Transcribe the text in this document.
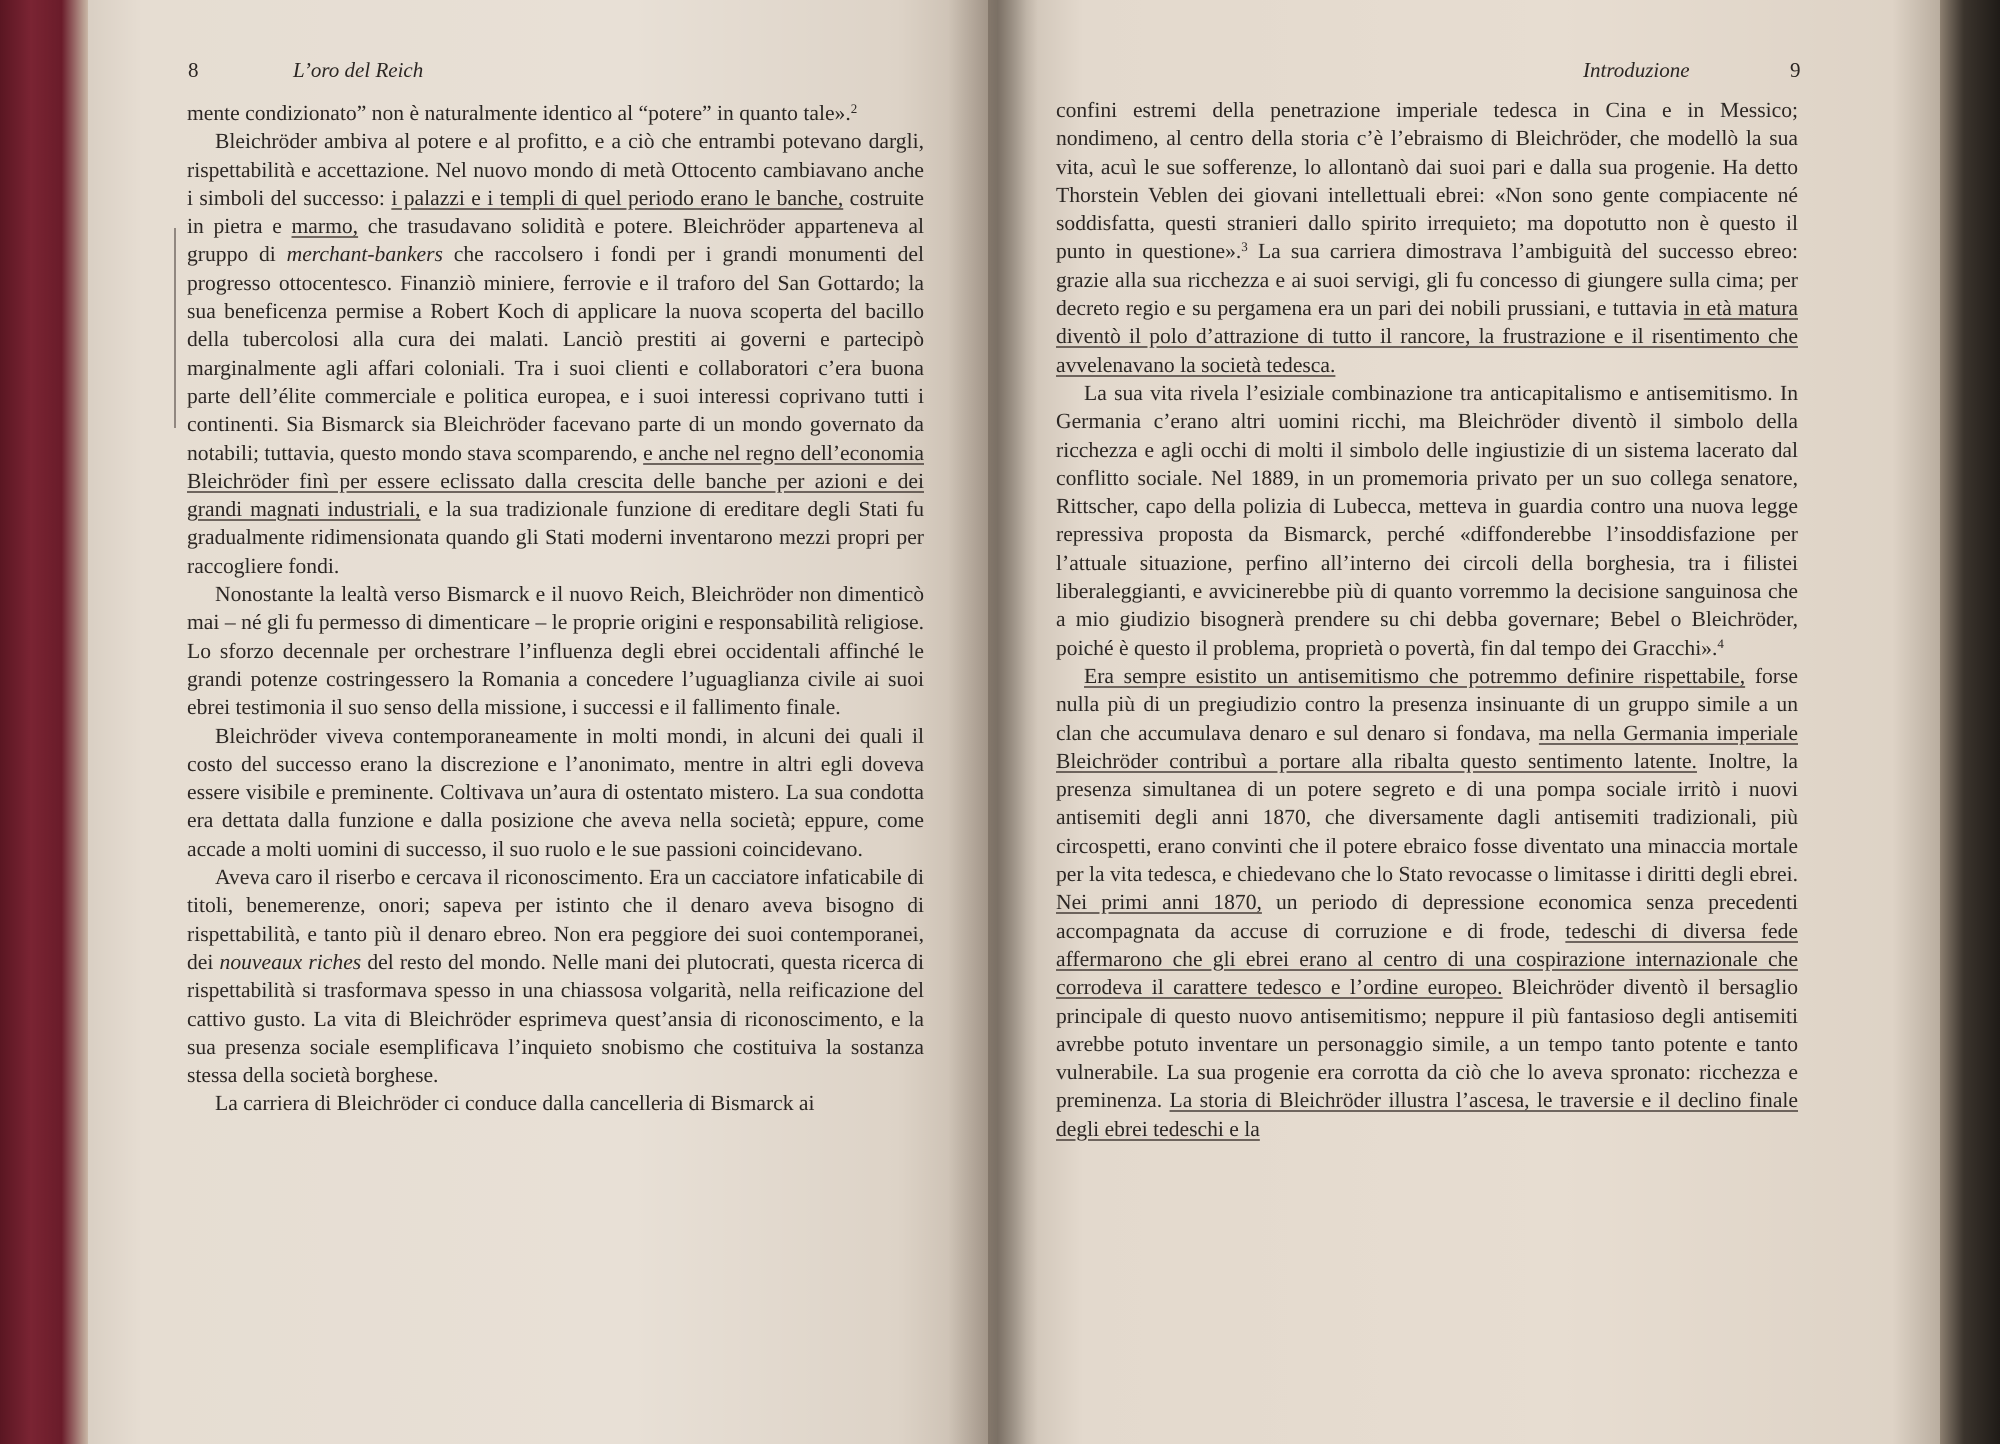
8	L’oro del Reich

mente condizionato” non è naturalmente identico al “potere” in quanto tale».$^2$

Bleichröder ambiva al potere e al profitto, e a ciò che entrambi potevano dargli, rispettabilità e accettazione. Nel nuovo mondo di metà Ottocento cambiavano anche i simboli del successo: i palazzi e i templi di quel periodo erano le banche, costruite in pietra e marmo, che trasudavano solidità e potere. Bleichröder apparteneva al gruppo di merchant-bankers che raccolsero i fondi per i grandi monumenti del progresso ottocentesco. Finanziò miniere, ferrovie e il traforo del San Gottardo; la sua beneficenza permise a Robert Koch di applicare la nuova scoperta del bacillo della tubercolosi alla cura dei malati. Lanciò prestiti ai governi e partecipò marginalmente agli affari coloniali. Tra i suoi clienti e collaboratori c’era buona parte dell’élite commerciale e politica europea, e i suoi interessi coprivano tutti i continenti. Sia Bismarck sia Bleichröder facevano parte di un mondo governato da notabili; tuttavia, questo mondo stava scomparendo, e anche nel regno dell’economia Bleichröder finì per essere eclissato dalla crescita delle banche per azioni e dei grandi magnati industriali, e la sua tradizionale funzione di ereditare degli Stati fu gradualmente ridimensionata quando gli Stati moderni inventarono mezzi propri per raccogliere fondi.

Nonostante la lealtà verso Bismarck e il nuovo Reich, Bleichröder non dimenticò mai – né gli fu permesso di dimenticare – le proprie origini e responsabilità religiose. Lo sforzo decennale per orchestrare l’influenza degli ebrei occidentali affinché le grandi potenze costringessero la Romania a concedere l’uguaglianza civile ai suoi ebrei testimonia il suo senso della missione, i successi e il fallimento finale.

Bleichröder viveva contemporaneamente in molti mondi, in alcuni dei quali il costo del successo erano la discrezione e l’anonimato, mentre in altri egli doveva essere visibile e preminente. Coltivava un’aura di ostentato mistero. La sua condotta era dettata dalla funzione e dalla posizione che aveva nella società; eppure, come accade a molti uomini di successo, il suo ruolo e le sue passioni coincidevano.

Aveva caro il riserbo e cercava il riconoscimento. Era un cacciatore infaticabile di titoli, benemerenze, onori; sapeva per istinto che il denaro aveva bisogno di rispettabilità, e tanto più il denaro ebreo. Non era peggiore dei suoi contemporanei, dei nouveaux riches del resto del mondo. Nelle mani dei plutocrati, questa ricerca di rispettabilità si trasformava spesso in una chiassosa volgarità, nella reificazione del cattivo gusto. La vita di Bleichröder esprimeva quest’ansia di riconoscimento, e la sua presenza sociale esemplificava l’inquieto snobismo che costituiva la sostanza stessa della società borghese.

La carriera di Bleichröder ci conduce dalla cancelleria di Bismarck ai

Introduzione	9

confini estremi della penetrazione imperiale tedesca in Cina e in Messico; nondimeno, al centro della storia c’è l’ebraismo di Bleichröder, che modellò la sua vita, acuì le sue sofferenze, lo allontanò dai suoi pari e dalla sua progenie. Ha detto Thorstein Veblen dei giovani intellettuali ebrei: «Non sono gente compiacente né soddisfatta, questi stranieri dallo spirito irrequieto; ma dopotutto non è questo il punto in questione».$^3$ La sua carriera dimostrava l’ambiguità del successo ebreo: grazie alla sua ricchezza e ai suoi servigi, gli fu concesso di giungere sulla cima; per decreto regio e su pergamena era un pari dei nobili prussiani, e tuttavia in età matura diventò il polo d’attrazione di tutto il rancore, la frustrazione e il risentimento che avvelenavano la società tedesca.

La sua vita rivela l’esiziale combinazione tra anticapitalismo e antisemitismo. In Germania c’erano altri uomini ricchi, ma Bleichröder diventò il simbolo della ricchezza e agli occhi di molti il simbolo delle ingiustizie di un sistema lacerato dal conflitto sociale. Nel 1889, in un promemoria privato per un suo collega senatore, Rittscher, capo della polizia di Lubecca, metteva in guardia contro una nuova legge repressiva proposta da Bismarck, perché «diffonderebbe l’insoddisfazione per l’attuale situazione, perfino all’interno dei circoli della borghesia, tra i filistei liberaleggianti, e avvicinerebbe più di quanto vorremmo la decisione sanguinosa che a mio giudizio bisognerà prendere su chi debba governare; Bebel o Bleichröder, poiché è questo il problema, proprietà o povertà, fin dal tempo dei Gracchi».$^4$

Era sempre esistito un antisemitismo che potremmo definire rispettabile, forse nulla più di un pregiudizio contro la presenza insinuante di un gruppo simile a un clan che accumulava denaro e sul denaro si fondava, ma nella Germania imperiale Bleichröder contribuì a portare alla ribalta questo sentimento latente. Inoltre, la presenza simultanea di un potere segreto e di una pompa sociale irritò i nuovi antisemiti degli anni 1870, che diversamente dagli antisemiti tradizionali, più circospetti, erano convinti che il potere ebraico fosse diventato una minaccia mortale per la vita tedesca, e chiedevano che lo Stato revocasse o limitasse i diritti degli ebrei. Nei primi anni 1870, un periodo di depressione economica senza precedenti accompagnata da accuse di corruzione e di frode, tedeschi di diversa fede affermarono che gli ebrei erano al centro di una cospirazione internazionale che corrodeva il carattere tedesco e l’ordine europeo. Bleichröder diventò il bersaglio principale di questo nuovo antisemitismo; neppure il più fantasioso degli antisemiti avrebbe potuto inventare un personaggio simile, a un tempo tanto potente e tanto vulnerabile. La sua progenie era corrotta da ciò che lo aveva spronato: ricchezza e preminenza. La storia di Bleichröder illustra l’ascesa, le traversie e il declino finale degli ebrei tedeschi e la
